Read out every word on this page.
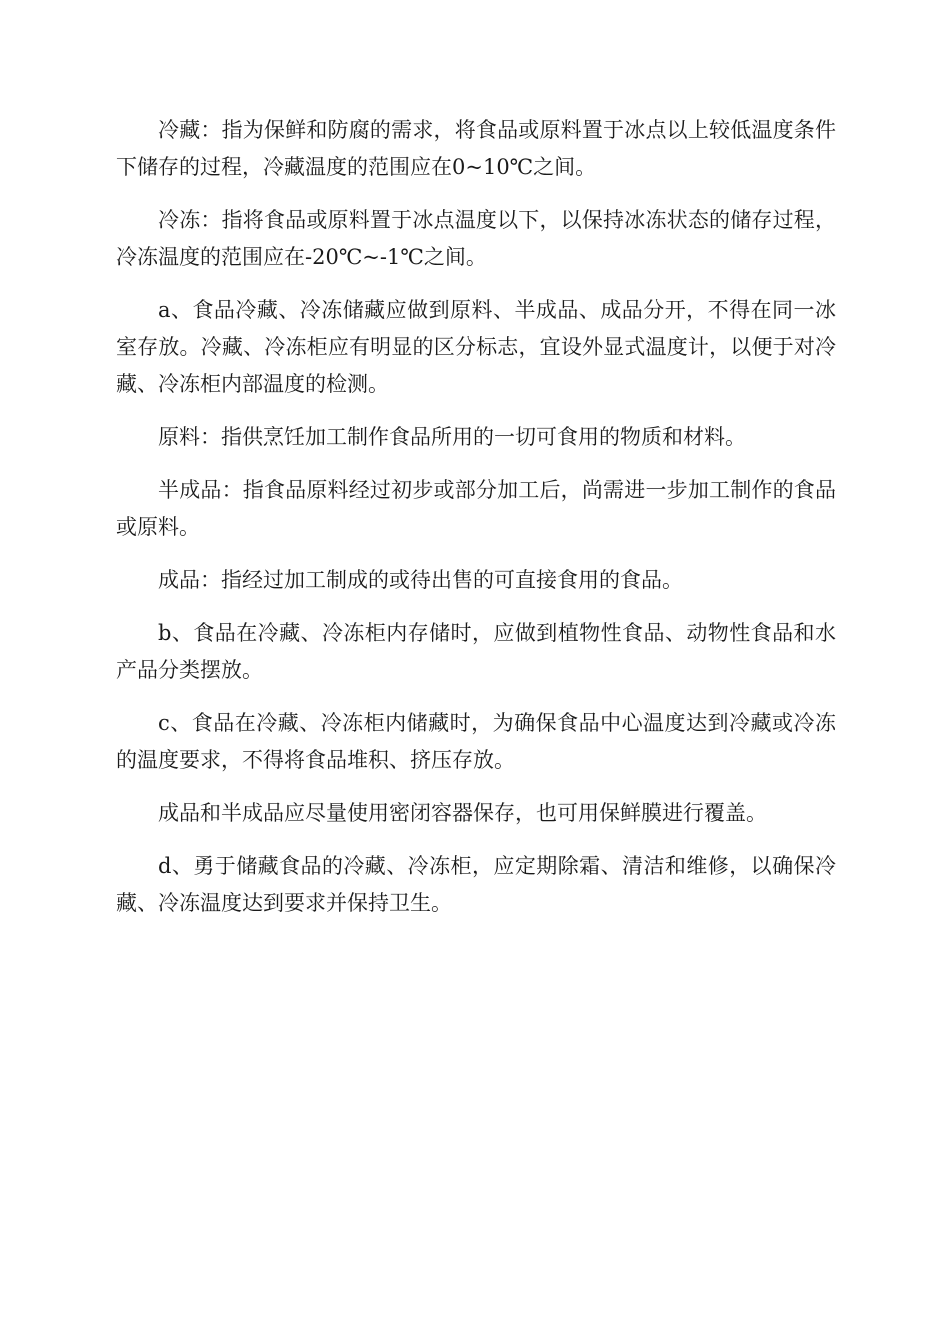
冷藏：指为保鲜和防腐的需求，将食品或原料置于冰点以上较低温度条件下储存的过程，冷藏温度的范围应在0~10℃之间。

冷冻：指将食品或原料置于冰点温度以下，以保持冰冻状态的储存过程，冷冻温度的范围应在-20℃~-1℃之间。

a、食品冷藏、冷冻储藏应做到原料、半成品、成品分开，不得在同一冰室存放。冷藏、冷冻柜应有明显的区分标志，宜设外显式温度计，以便于对冷藏、冷冻柜内部温度的检测。

原料：指供烹饪加工制作食品所用的一切可食用的物质和材料。

半成品：指食品原料经过初步或部分加工后，尚需进一步加工制作的食品或原料。

成品：指经过加工制成的或待出售的可直接食用的食品。

b、食品在冷藏、冷冻柜内存储时，应做到植物性食品、动物性食品和水产品分类摆放。

c、食品在冷藏、冷冻柜内储藏时，为确保食品中心温度达到冷藏或冷冻的温度要求，不得将食品堆积、挤压存放。

成品和半成品应尽量使用密闭容器保存，也可用保鲜膜进行覆盖。

d、勇于储藏食品的冷藏、冷冻柜，应定期除霜、清洁和维修，以确保冷藏、冷冻温度达到要求并保持卫生。
